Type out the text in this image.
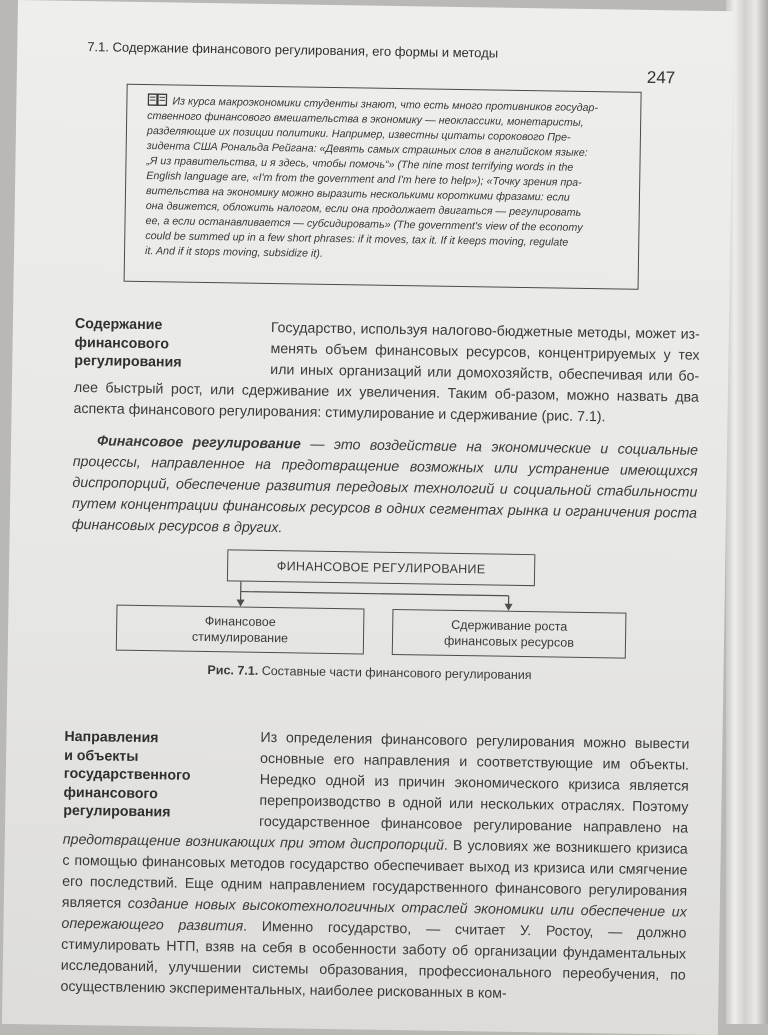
7.1. Содержание финансового регулирования, его формы и методы
247
Из курса макроэкономики студенты знают, что есть много противников государ-
ственного финансового вмешательства в экономику — неоклассики, монетаристы,
разделяющие их позиции политики. Например, известны цитаты сорокового Пре-
зидента США Рональда Рейгана: «Девять самых страшных слов в английском языке:
„Я из правительства, и я здесь, чтобы помочь“» (The nine most terrifying words in the
English language are, «I'm from the government and I'm here to help»); «Точку зрения пра-
вительства на экономику можно выразить несколькими короткими фразами: если
она движется, обложить налогом, если она продолжает двигаться — регулировать
ее, а если останавливается — субсидировать» (The government's view of the economy
could be summed up in a few short phrases: if it moves, tax it. If it keeps moving, regulate
it. And if it stops moving, subsidize it).
Содержание
финансового
регулирования
Государство, используя налогово-бюджетные методы, может из-менять объем финансовых ресурсов, концентрируемых у тех или иных организаций или домохозяйств, обеспечивая или бо-лее быстрый рост, или сдерживание их увеличения. Таким об-разом, можно назвать два аспекта финансового регулирования: стимулирование и сдерживание (рис. 7.1).
Финансовое регулирование — это воздействие на экономические и социальные процессы, направленное на предотвращение возможных или устранение имеющихся диспропорций, обеспечение развития передовых технологий и социальной стабильности путем концентрации финансовых ресурсов в одних сегментах рынка и ограничения роста финансовых ресурсов в других.
ФИНАНСОВОЕ РЕГУЛИРОВАНИЕ
Финансовое
стимулирование
Сдерживание роста
финансовых ресурсов
Рис. 7.1. Составные части финансового регулирования
Направления
и объекты
государственного
финансового
регулирования
Из определения финансового регулирования можно вывести основные его направления и соответствующие им объекты. Нередко одной из причин экономического кризиса является перепроизводство в одной или нескольких отраслях. Поэтому государственное финансовое регулирование направлено на предотвращение возникающих при этом диспропорций. В условиях же возникшего кризиса с помощью финансовых методов государство обеспечивает выход из кризиса или смягчение его последствий. Еще одним направлением государственного финансового регулирования является создание новых высокотехнологичных отраслей экономики или обеспечение их опережающего развития. Именно государство, — считает У. Ростоу, — должно стимулировать НТП, взяв на себя в особенности заботу об организации фундаментальных исследований, улучшении системы образования, профессионального переобучения, по осуществлению экспериментальных, наиболее рискованных в ком-
